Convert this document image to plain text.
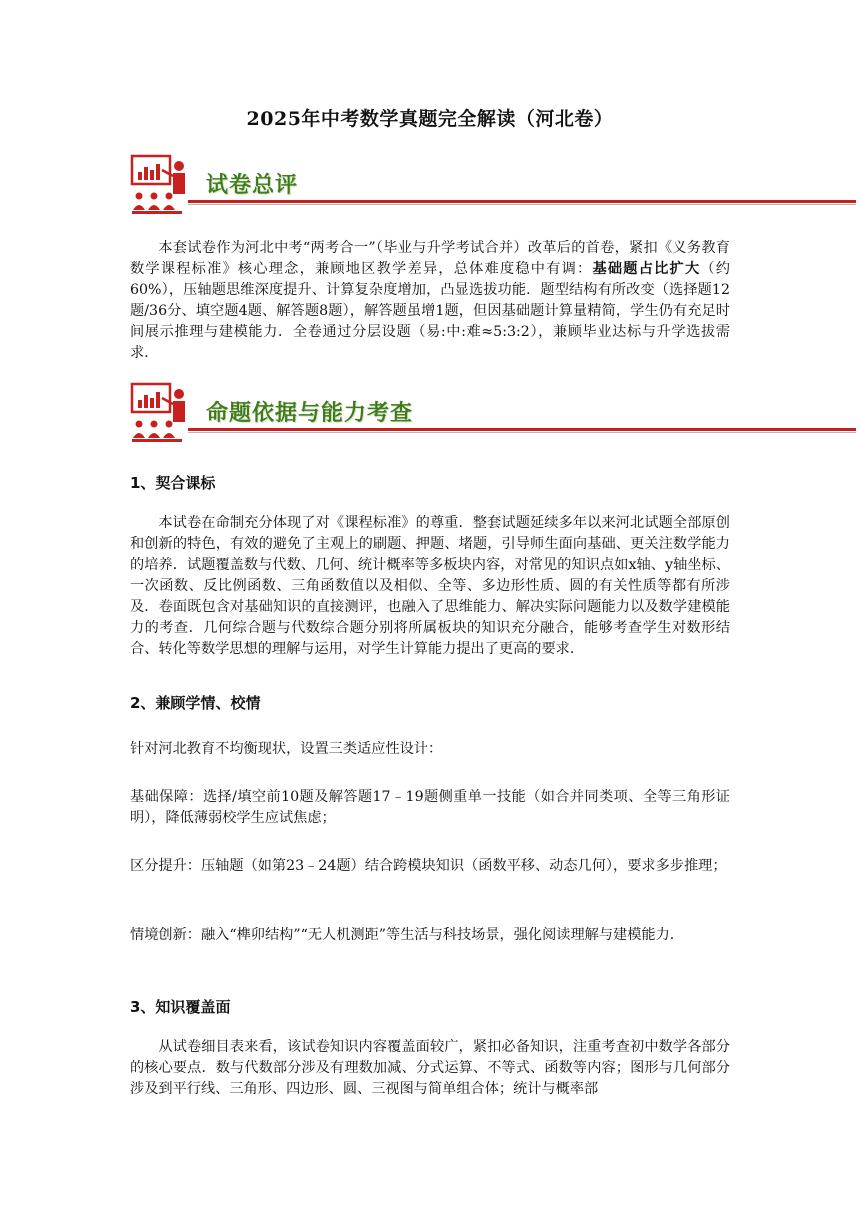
2025年中考数学真题完全解读（河北卷）
试卷总评

本套试卷作为河北中考“两考合一”（毕业与升学考试合并）改革后的首卷，紧扣《义务教育数学课程标准》核心理念，兼顾地区教学差异，总体难度稳中有调：基础题占比扩大（约60%），压轴题思维深度提升、计算复杂度增加，凸显选拔功能．题型结构有所改变（选择题12题/36分、填空题4题、解答题8题），解答题虽增1题，但因基础题计算量精简，学生仍有充足时间展示推理与建模能力．全卷通过分层设题（易:中:难≈5:3:2），兼顾毕业达标与升学选拔需求．

命题依据与能力考查

1、契合课标

本试卷在命制充分体现了对《课程标准》的尊重．整套试题延续多年以来河北试题全部原创和创新的特色，有效的避免了主观上的刷题、押题、堵题，引导师生面向基础、更关注数学能力的培养．试题覆盖数与代数、几何、统计概率等多板块内容，对常见的知识点如x轴、y轴坐标、一次函数、反比例函数、三角函数值以及相似、全等、多边形性质、圆的有关性质等都有所涉及．卷面既包含对基础知识的直接测评，也融入了思维能力、解决实际问题能力以及数学建模能力的考查．几何综合题与代数综合题分别将所属板块的知识充分融合，能够考查学生对数形结合、转化等数学思想的理解与运用，对学生计算能力提出了更高的要求．

2、兼顾学情、校情

针对河北教育不均衡现状，设置三类适应性设计：

基础保障：选择/填空前10题及解答题17﹣19题侧重单一技能（如合并同类项、全等三角形证明），降低薄弱校学生应试焦虑；

区分提升：压轴题（如第23﹣24题）结合跨模块知识（函数平移、动态几何），要求多步推理；

情境创新：融入“榫卯结构”“无人机测距”等生活与科技场景，强化阅读理解与建模能力．

3、知识覆盖面

从试卷细目表来看，该试卷知识内容覆盖面较广，紧扣必备知识，注重考查初中数学各部分的核心要点．数与代数部分涉及有理数加减、分式运算、不等式、函数等内容；图形与几何部分涉及到平行线、三角形、四边形、圆、三视图与简单组合体；统计与概率部
